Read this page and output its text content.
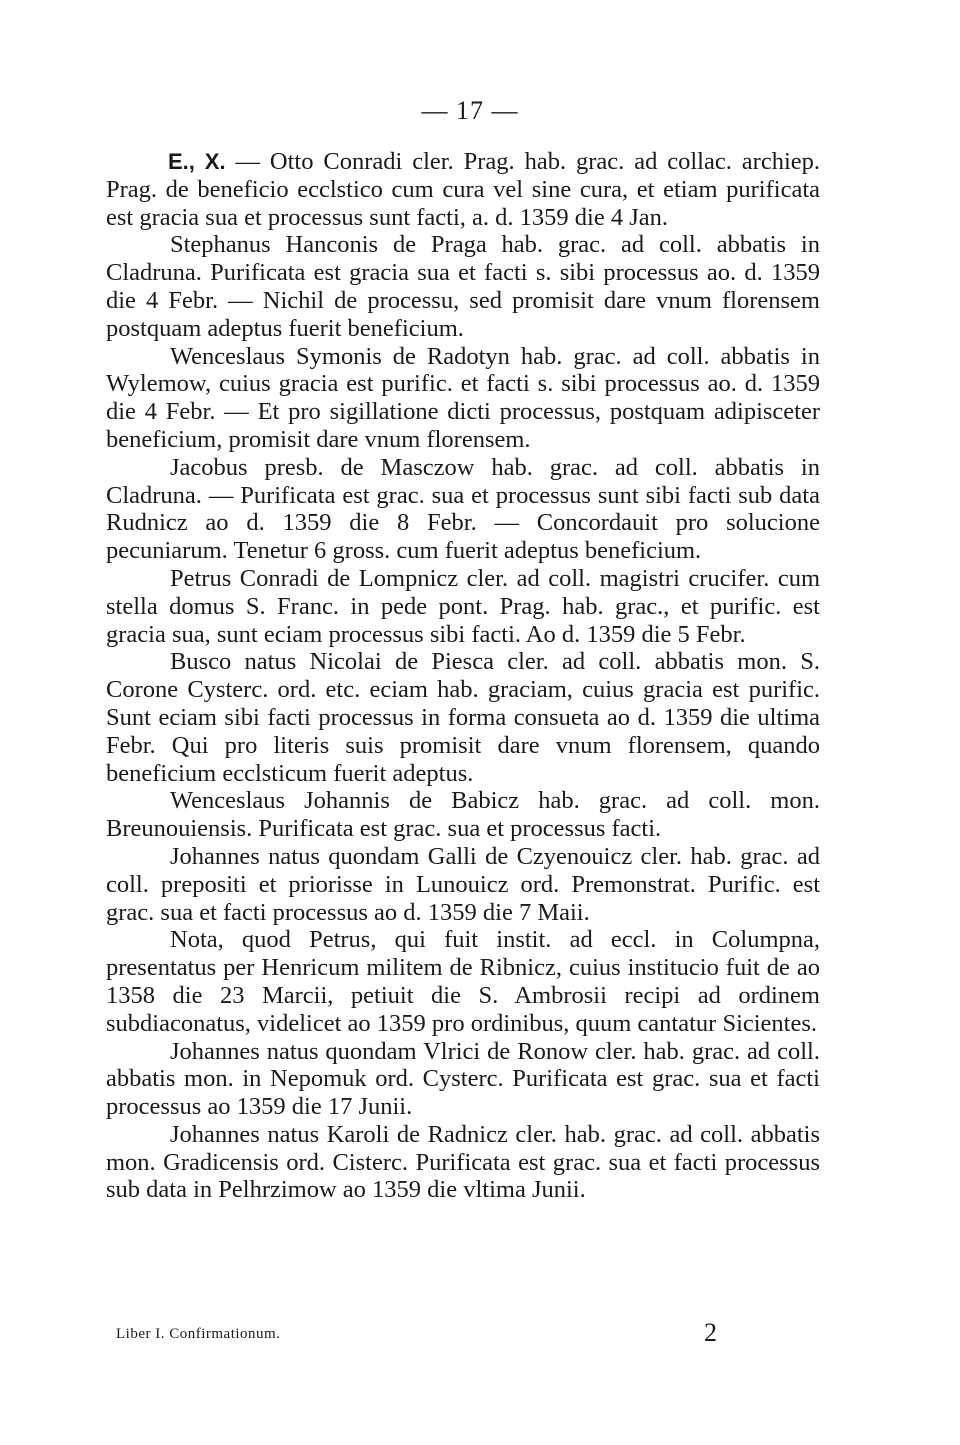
— 17 —

E., X. — Otto Conradi cler. Prag. hab. grac. ad collac. archiep. Prag. de beneficio ecclstico cum cura vel sine cura, et etiam purificata est gracia sua et processus sunt facti, a. d. 1359 die 4 Jan.

Stephanus Hanconis de Praga hab. grac. ad coll. abbatis in Cladruna. Purificata est gracia sua et facti s. sibi processus ao. d. 1359 die 4 Febr. — Nichil de processu, sed promisit dare vnum florensem postquam adeptus fuerit beneficium.

Wenceslaus Symonis de Radotyn hab. grac. ad coll. abbatis in Wylemow, cuius gracia est purific. et facti s. sibi processus ao. d. 1359 die 4 Febr. — Et pro sigillatione dicti processus, postquam adipisceter beneficium, promisit dare vnum florensem.

Jacobus presb. de Masczow hab. grac. ad coll. abbatis in Cladruna. — Purificata est grac. sua et processus sunt sibi facti sub data Rudnicz ao d. 1359 die 8 Febr. — Concordauit pro solucione pecuniarum. Tenetur 6 gross. cum fuerit adeptus beneficium.

Petrus Conradi de Lompnicz cler. ad coll. magistri crucifer. cum stella domus S. Franc. in pede pont. Prag. hab. grac., et purific. est gracia sua, sunt eciam processus sibi facti. Ao d. 1359 die 5 Febr.

Busco natus Nicolai de Piesca cler. ad coll. abbatis mon. S. Corone Cysterc. ord. etc. eciam hab. graciam, cuius gracia est purific. Sunt eciam sibi facti processus in forma consueta ao d. 1359 die ultima Febr. Qui pro literis suis promisit dare vnum florensem, quando beneficium ecclsticum fuerit adeptus.

Wenceslaus Johannis de Babicz hab. grac. ad coll. mon. Breunouiensis. Purificata est grac. sua et processus facti.

Johannes natus quondam Galli de Czyenouicz cler. hab. grac. ad coll. prepositi et priorisse in Lunouicz ord. Premonstrat. Purific. est grac. sua et facti processus ao d. 1359 die 7 Maii.

Nota, quod Petrus, qui fuit instit. ad eccl. in Columpna, presentatus per Henricum militem de Ribnicz, cuius institucio fuit de ao 1358 die 23 Marcii, petiuit die S. Ambrosii recipi ad ordinem subdiaconatus, videlicet ao 1359 pro ordinibus, quum cantatur Sicientes.

Johannes natus quondam Vlrici de Ronow cler. hab. grac. ad coll. abbatis mon. in Nepomuk ord. Cysterc. Purificata est grac. sua et facti processus ao 1359 die 17 Junii.

Johannes natus Karoli de Radnicz cler. hab. grac. ad coll. abbatis mon. Gradicensis ord. Cisterc. Purificata est grac. sua et facti processus sub data in Pelhrzimow ao 1359 die vltima Junii.

Liber I. Confirmationum.	2
